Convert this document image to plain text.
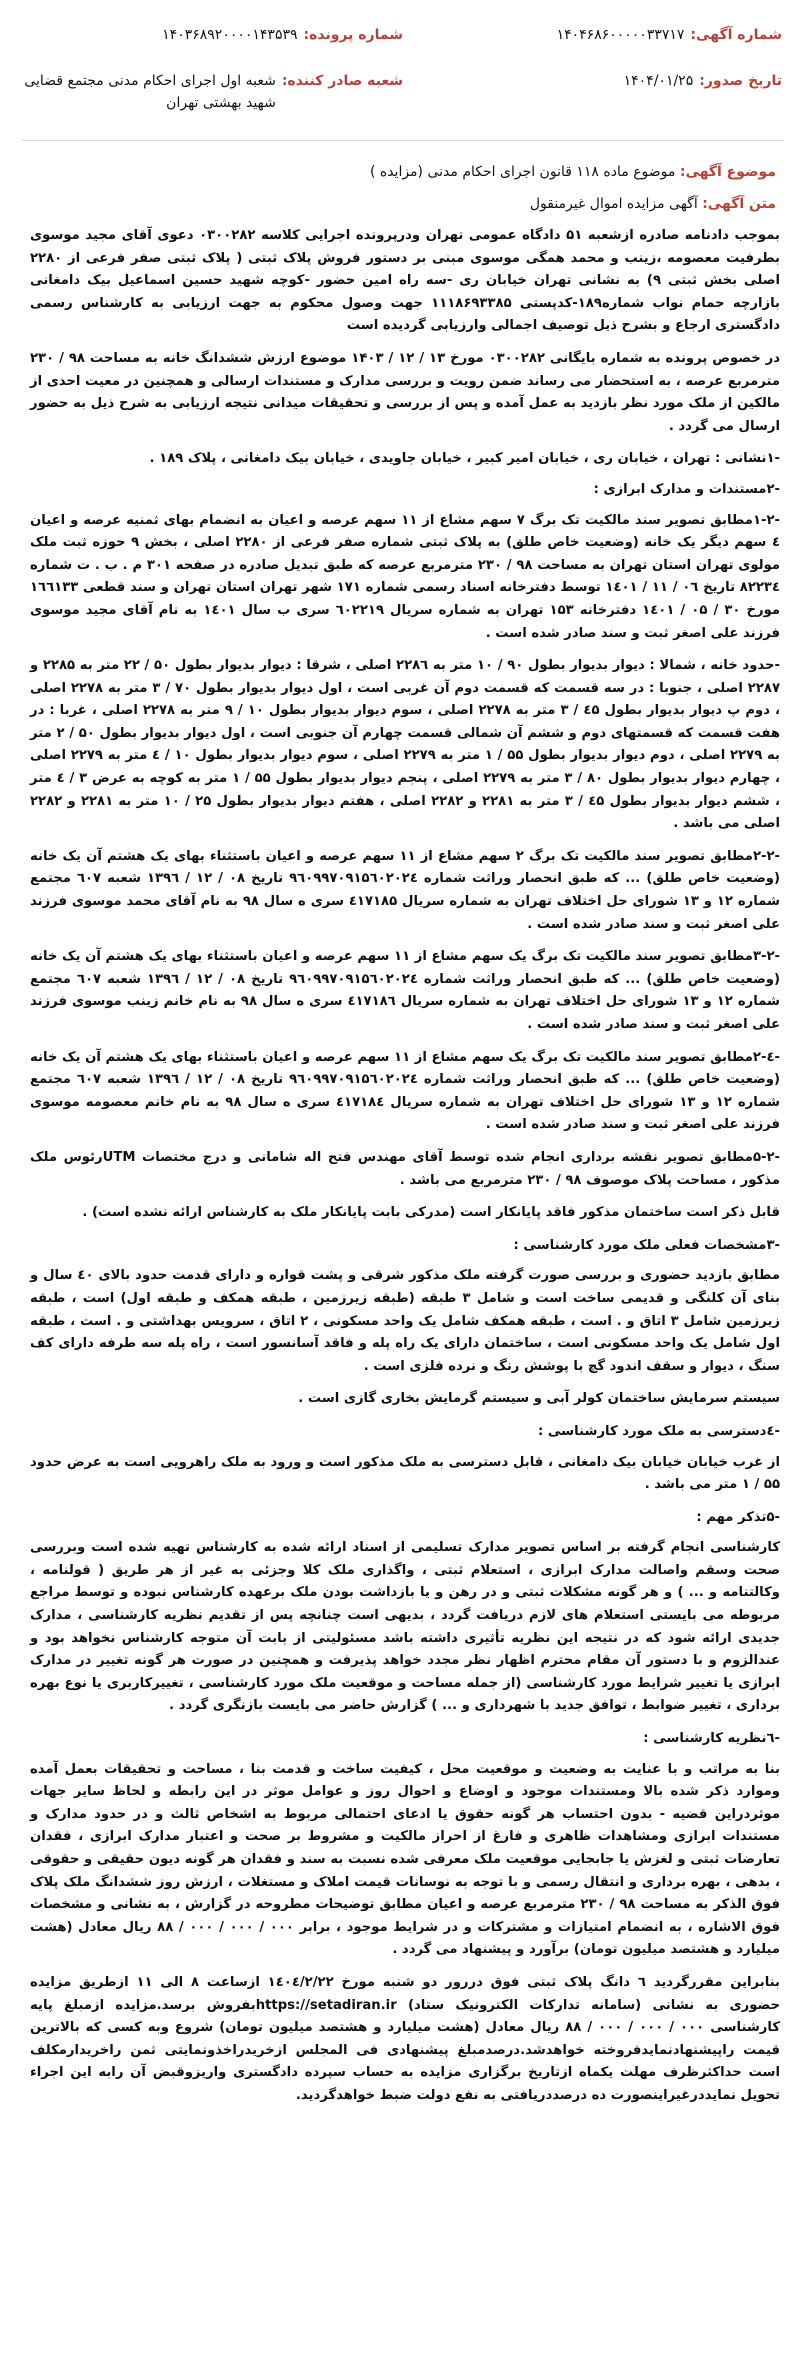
شماره آگهی:
۱۴۰۴۶۸۶۰۰۰۰۰۳۳۷۱۷
تاریخ صدور:
۱۴۰۴/۰۱/۲۵
شماره پرونده:
۱۴۰۳۶۸۹۲۰۰۰۰۱۴۳۵۳۹
شعبه صادر کننده:
شعبه اول اجرای احکام مدنی مجتمع قضایی شهید بهشتی تهران
موضوع آگهی: موضوع ماده ۱۱۸ قانون اجرای احکام مدنی (مزایده )
متن آگهی: آگهی مزایده اموال غیرمنقول

بموجب دادنامه صادره ازشعبه ۵۱ دادگاه عمومی تهران ودرپرونده اجرایی کلاسه ۰۳۰۰۲۸۲ دعوی آقای مجید موسوی بطرفیت معصومه ،زینب و محمد همگی موسوی مبنی بر دستور فروش پلاک ثبتی ( پلاک ثبتی صفر فرعی از ۲۲۸۰ اصلی بخش ثبتی ۹) به نشانی تهران خیابان ری -سه راه امین حضور -کوچه شهید حسین اسماعیل بیک دامغانی بازارچه حمام نواب شماره۱۸۹-کدپستی ۱۱۱۸۶۹۳۳۸۵ جهت وصول محکوم به جهت ارزیابی به کارشناس رسمی دادگستری ارجاع و بشرح ذیل توصیف اجمالی وارزیابی گردیده است

در خصوص پرونده به شماره بایگانی ۰۳۰۰۲۸۲ مورخ ۱۳ / ۱۲ / ۱۴۰۳ موضوع ارزش ششدانگ خانه به مساحت ۹۸ / ۲۳۰ مترمربع عرصه ، به استحضار می رساند ضمن رویت و بررسی مدارک و مستندات ارسالی و همچنین در معیت احدی از مالکین از ملک مورد نظر بازدید به عمل آمده و پس از بررسی و تحقیقات میدانی نتیجه ارزیابی به شرح ذیل به حضور ارسال می گردد .

-۱نشانی : تهران ، خیابان ری ، خیابان امیر کبیر ، خیابان جاویدی ، خیابان بیک دامغانی ، پلاک ۱۸۹ .

-۲مستندات و مدارک ابرازی :

-۱-۲مطابق تصویر سند مالکیت تک برگ ۷ سهم مشاع از ۱۱ سهم عرصه و اعیان به انضمام بهای ثمنیه عرصه و اعیان ٤ سهم دیگر یک خانه (وضعیت خاص طلق) به پلاک ثبتی شماره صفر فرعی از ۲۲۸۰ اصلی ، بخش ۹ حوزه ثبت ملک مولوی تهران استان تهران به مساحت ۹۸ / ۲۳۰ مترمربع عرصه که طبق تبدیل صادره در صفحه ۳۰۱ م . ب . ت شماره ۸۲۲۳٤ تاریخ ۰٦ / ۱۱ / ۱٤۰۱ توسط دفترخانه اسناد رسمی شماره ۱۷۱ شهر تهران استان تهران و سند قطعی ۱٦٦۱۳۳ مورخ ۳۰ / ۰۵ / ۱٤۰۱ دفترخانه ۱۵۳ تهران به شماره سریال ٦۰۲۲۱۹ سری ب سال ۱٤۰۱ به نام آقای مجید موسوی فرزند علی اصغر ثبت و سند صادر شده است .

-حدود خانه ، شمالا : دیوار بدیوار بطول ۹۰ / ۱۰ متر به ۲۲۸٦ اصلی ، شرقا : دیوار بدیوار بطول ۵۰ / ۲۲ متر به ۲۲۸۵ و ۲۲۸۷ اصلی ، جنوبا : در سه قسمت که قسمت دوم آن غربی است ، اول دیوار بدیوار بطول ۷۰ / ۳ متر به ۲۲۷۸ اصلی ، دوم پ دیوار بدیوار بطول ٤۵ / ۳ متر به ۲۲۷۸ اصلی ، سوم دیوار بدیوار بطول ۱۰ / ۹ متر به ۲۲۷۸ اصلی ، غربا : در هفت قسمت که قسمتهای دوم و ششم آن شمالی قسمت چهارم آن جنوبی است ، اول دیوار بدیوار بطول ۵۰ / ۲ متر به ۲۲۷۹ اصلی ، دوم دیوار بدیوار بطول ۵۵ / ۱ متر به ۲۲۷۹ اصلی ، سوم دیوار بدیوار بطول ۱۰ / ٤ متر به ۲۲۷۹ اصلی ، چهارم دیوار بدیوار بطول ۸۰ / ۳ متر به ۲۲۷۹ اصلی ، پنجم دیوار بدیوار بطول ۵۵ / ۱ متر به کوچه به عرض ۳ / ٤ متر ، ششم دیوار بدیوار بطول ٤۵ / ۳ متر به ۲۲۸۱ و ۲۲۸۲ اصلی ، هفتم دیوار بدیوار بطول ۲۵ / ۱۰ متر به ۲۲۸۱ و ۲۲۸۲ اصلی می باشد .

-۲-۲مطابق تصویر سند مالکیت تک برگ ۲ سهم مشاع از ۱۱ سهم عرصه و اعیان باستثناء بهای یک هشتم آن یک خانه (وضعیت خاص طلق) ... که طبق انحصار وراثت شماره ۹٦۰۹۹۷۰۹۱۵٦۰۲۰۲٤ تاریخ ۰۸ / ۱۲ / ۱۳۹٦ شعبه ٦۰۷ مجتمع شماره ۱۲ و ۱۳ شورای حل اختلاف تهران به شماره سریال ٤۱۷۱۸۵ سری ه سال ۹۸ به نام آقای محمد موسوی فرزند علی اصغر ثبت و سند صادر شده است .

-۳-۲مطابق تصویر سند مالکیت تک برگ یک سهم مشاع از ۱۱ سهم عرصه و اعیان باستثناء بهای یک هشتم آن یک خانه (وضعیت خاص طلق) ... که طبق انحصار وراثت شماره ۹٦۰۹۹۷۰۹۱۵٦۰۲۰۲٤ تاریخ ۰۸ / ۱۲ / ۱۳۹٦ شعبه ٦۰۷ مجتمع شماره ۱۲ و ۱۳ شورای حل اختلاف تهران به شماره سریال ٤۱۷۱۸٦ سری ه سال ۹۸ به نام خانم زینب موسوی فرزند علی اصغر ثبت و سند صادر شده است .

-٤-۲مطابق تصویر سند مالکیت تک برگ یک سهم مشاع از ۱۱ سهم عرصه و اعیان باستثناء بهای یک هشتم آن یک خانه (وضعیت خاص طلق) ... که طبق انحصار وراثت شماره ۹٦۰۹۹۷۰۹۱۵٦۰۲۰۲٤ تاریخ ۰۸ / ۱۲ / ۱۳۹٦ شعبه ٦۰۷ مجتمع شماره ۱۲ و ۱۳ شورای حل اختلاف تهران به شماره سریال ٤۱۷۱۸٤ سری ه سال ۹۸ به نام خانم معصومه موسوی فرزند علی اصغر ثبت و سند صادر شده است .

-۵-۲مطابق تصویر نقشه برداری انجام شده توسط آقای مهندس فتح اله شامانی و درج مختصات UTMرئوس ملک مذکور ، مساحت پلاک موصوف ۹۸ / ۲۳۰ مترمربع می باشد .

قابل ذکر است ساختمان مذکور فاقد پایانکار است (مدرکی بابت پایانکار ملک به کارشناس ارائه نشده است) .

-۳مشخصات فعلی ملک مورد کارشناسی :

مطابق بازدید حضوری و بررسی صورت گرفته ملک مذکور شرقی و پشت قواره و دارای قدمت حدود بالای ٤۰ سال و بنای آن کلنگی و قدیمی ساخت است و شامل ۳ طبقه (طبقه زیرزمین ، طبقه همکف و طبقه اول) است ، طبقه زیرزمین شامل ۳ اتاق و . است ، طبقه همکف شامل یک واحد مسکونی ، ۲ اتاق ، سرویس بهداشتی و . است ، طبقه اول شامل یک واحد مسکونی است ، ساختمان دارای یک راه پله و فاقد آسانسور است ، راه پله سه طرفه دارای کف سنگ ، دیوار و سقف اندود گچ با پوشش رنگ و نرده فلزی است .

سیستم سرمایش ساختمان کولر آبی و سیستم گرمایش بخاری گازی است .

-٤دسترسی به ملک مورد کارشناسی :

از غرب خیابان خیابان بیک دامغانی ، قابل دسترسی به ملک مذکور است و ورود به ملک راهرویی است به عرض حدود ۵۵ / ۱ متر می باشد .

-۵تذکر مهم :

کارشناسی انجام گرفته بر اساس تصویر مدارک تسلیمی از اسناد ارائه شده به کارشناس تهیه شده است وبررسی صحت وسقم واصالت مدارک ابرازی ، استعلام ثبتی ، واگذاری ملک کلا وجزئی به غیر از هر طریق ( قولنامه ، وکالتنامه و ... ) و هر گونه مشکلات ثبتی و در رهن و یا بازداشت بودن ملک برعهده کارشناس نبوده و توسط مراجع مربوطه می بایستی استعلام های لازم دریافت گردد ، بدیهی است چنانچه پس از تقدیم نظریه کارشناسی ، مدارک جدیدی ارائه شود که در نتیجه این نظریه تأثیری داشته باشد مسئولیتی از بابت آن متوجه کارشناس نخواهد بود و عندالزوم و با دستور آن مقام محترم اظهار نظر مجدد خواهد پذیرفت و همچنین در صورت هر گونه تغییر در مدارک ابرازی یا تغییر شرایط مورد کارشناسی (از جمله مساحت و موقعیت ملک مورد کارشناسی ، تغییرکاربری یا نوع بهره برداری ، تغییر ضوابط ، توافق جدید با شهرداری و ... ) گزارش حاضر می بایست بازنگری گردد .

-٦نظریه کارشناسی :

بنا به مراتب و با عنایت به وضعیت و موقعیت محل ، کیفیت ساخت و قدمت بنا ، مساحت و تحقیقات بعمل آمده وموارد ذکر شده بالا ومستندات موجود و اوضاع و احوال روز و عوامل موثر در این رابطه و لحاظ سایر جهات موثردراین قضیه - بدون احتساب هر گونه حقوق یا ادعای احتمالی مربوط به اشخاص ثالث و در حدود مدارک و مستندات ابرازی ومشاهدات ظاهری و فارغ از احراز مالکیت و مشروط بر صحت و اعتبار مدارک ابرازی ، فقدان تعارضات ثبتی و لغزش یا جابجایی موقعیت ملک معرفی شده نسبت به سند و فقدان هر گونه دیون حقیقی و حقوقی ، بدهی ، بهره برداری و انتقال رسمی و با توجه به نوسانات قیمت املاک و مستغلات ، ارزش روز ششدانگ ملک پلاک فوق الذکر به مساحت ۹۸ / ۲۳۰ مترمربع عرصه و اعیان مطابق توضیحات مطروحه در گزارش ، به نشانی و مشخصات فوق الاشاره ، به انضمام امتیازات و مشترکات و در شرایط موجود ، برابر ۰۰۰ / ۰۰۰ / ۰۰۰ / ۸۸ ریال معادل (هشت میلیارد و هشتصد میلیون تومان) برآورد و پیشنهاد می گردد .

بنابراین مقررگردید ٦ دانگ پلاک ثبتی فوق دررور دو شنبه مورخ ۱٤۰٤/۲/۲۲ ازساعت ۸ الی ۱۱ ازطریق مزایده حضوری به نشانی (سامانه تدارکات الکترونیک ستاد) https://setadiran.irبفروش برسد.مزایده ازمبلغ پایه کارشناسی ۰۰۰ / ۰۰۰ / ۰۰۰ / ۸۸ ریال معادل (هشت میلیارد و هشتصد میلیون تومان) شروع وبه کسی که بالاترین قیمت راپیشنهادنمایدفروخته خواهدشد.درصدمبلغ پیشنهادی فی المجلس ازخریدراخذونمایتی ثمن راخریدارمکلف است حداکثرظرف مهلت یکماه ازتاریخ برگزاری مزایده به حساب سپرده دادگستری واریزوقبض آن رابه این اجراء تحویل نمایددرغیراینصورت ده درصددریافتی به نفع دولت ضبط خواهدگردید.
